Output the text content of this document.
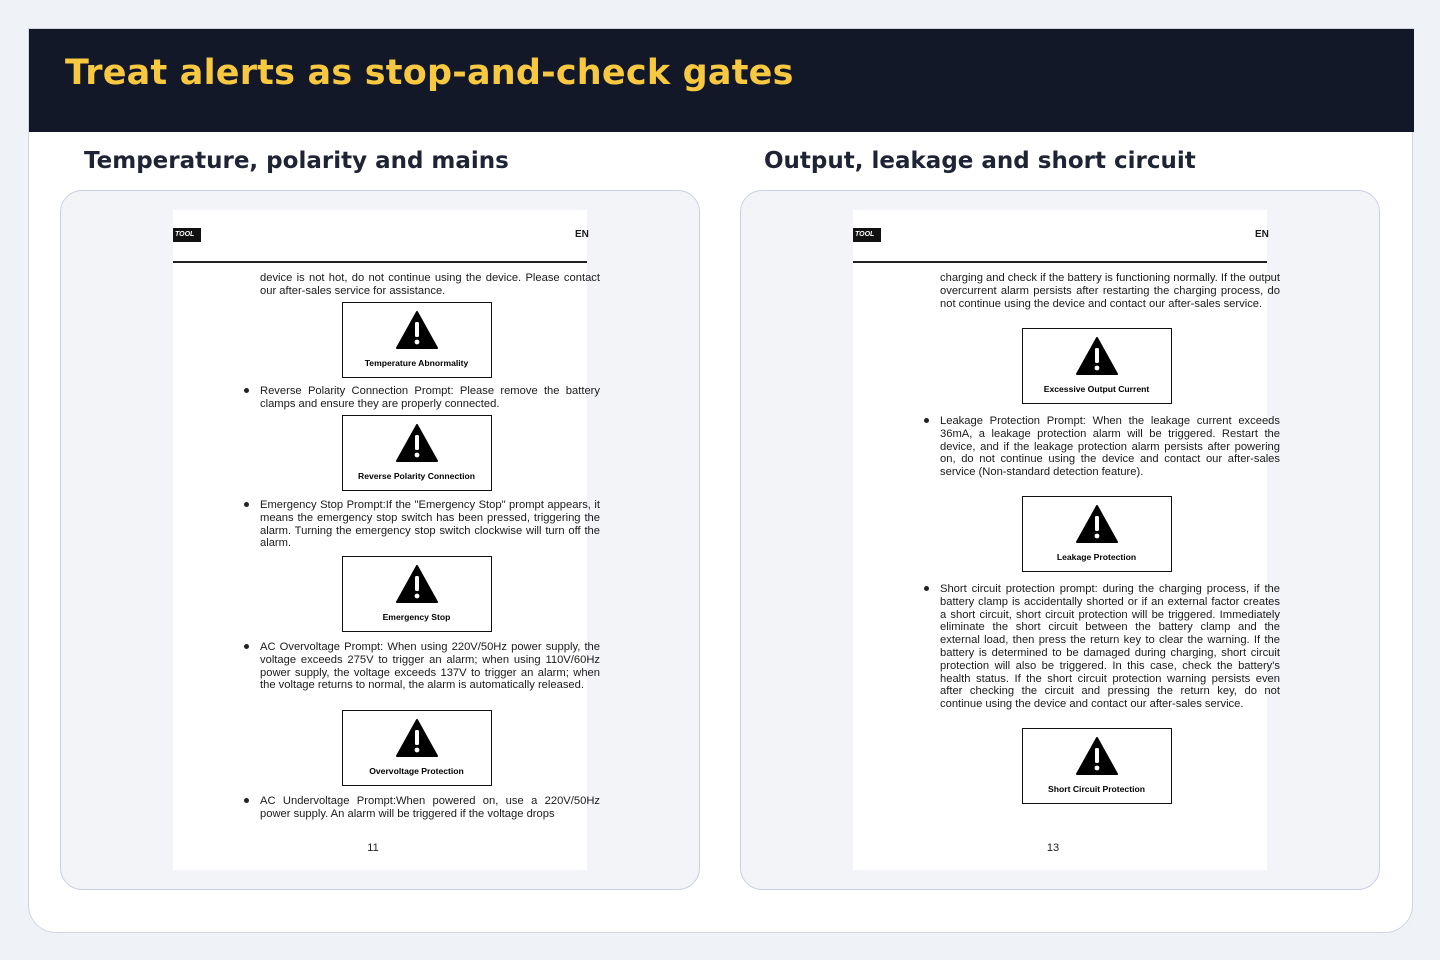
Treat alerts as stop-and-check gates
Temperature, polarity and mains
TOOL	EN
device is not hot, do not continue using the device. Please contact our after-sales service for assistance.
Temperature Abnormality
Reverse Polarity Connection Prompt: Please remove the battery clamps and ensure they are properly connected.
Reverse Polarity Connection
Emergency Stop Prompt:If the "Emergency Stop" prompt appears, it means the emergency stop switch has been pressed, triggering the alarm. Turning the emergency stop switch clockwise will turn off the alarm.
Emergency Stop
AC Overvoltage Prompt: When using 220V/50Hz power supply, the voltage exceeds 275V to trigger an alarm; when using 110V/60Hz power supply, the voltage exceeds 137V to trigger an alarm; when the voltage returns to normal, the alarm is automatically released.
Overvoltage Protection
AC Undervoltage Prompt:When powered on, use a 220V/50Hz power supply. An alarm will be triggered if the voltage drops
11
Output, leakage and short circuit
TOOL	EN
charging and check if the battery is functioning normally. If the output overcurrent alarm persists after restarting the charging process, do not continue using the device and contact our after-sales service.
Excessive Output Current
Leakage Protection Prompt: When the leakage current exceeds 36mA, a leakage protection alarm will be triggered. Restart the device, and if the leakage protection alarm persists after powering on, do not continue using the device and contact our after-sales service (Non-standard detection feature).
Leakage Protection
Short circuit protection prompt: during the charging process, if the battery clamp is accidentally shorted or if an external factor creates a short circuit, short circuit protection will be triggered. Immediately eliminate the short circuit between the battery clamp and the external load, then press the return key to clear the warning. If the battery is determined to be damaged during charging, short circuit protection will also be triggered. In this case, check the battery's health status. If the short circuit protection warning persists even after checking the circuit and pressing the return key, do not continue using the device and contact our after-sales service.
Short Circuit Protection
13
